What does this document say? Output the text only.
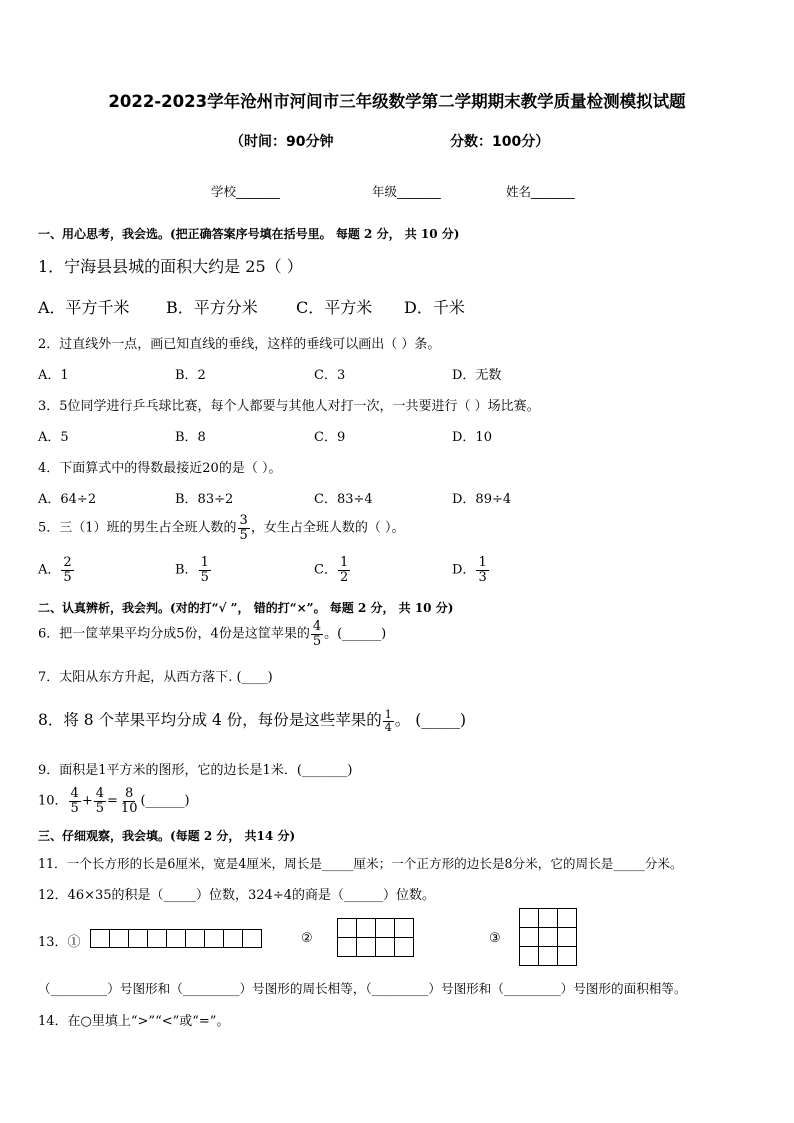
2022-2023学年沧州市河间市三年级数学第二学期期末教学质量检测模拟试题
（时间：90分钟	分数：100分）
学校_______	年级_______	姓名_______
一、用心思考，我会选。(把正确答案序号填在括号里。 每题 2 分， 共 10 分)
1．宁海县县城的面积大约是 25（ ）
A．平方千米 B．平方分米 C．平方米 D．千米
2．过直线外一点，画已知直线的垂线，这样的垂线可以画出（ ）条。
A．1	B．2	C．3	D．无数
3．5位同学进行乒乓球比赛，每个人都要与其他人对打一次，一共要进行（ ）场比赛。
A．5	B．8	C．9	D．10
4．下面算式中的得数最接近20的是（ ）。
A．64÷2	B．83÷2	C．83÷4	D．89÷4
5．三（1）班的男生占全班人数的 $\frac{3}{5}$ ，女生占全班人数的（ ）。
A． $\frac{2}{5}$	B． $\frac{1}{5}$	C． $\frac{1}{2}$	D． $\frac{1}{3}$
二、认真辨析，我会判。(对的打“√ ”， 错的打“×”。 每题 2 分， 共 10 分)
6．把一筐苹果平均分成5份，4份是这筐苹果的 $\frac{4}{5}$ 。(______)
7．太阳从东方升起，从西方落下. (____)
8．将 8 个苹果平均分成 4 份，每份是这些苹果的 $\frac{1}{4}$ 。 (_____)
9．面积是1平方米的图形，它的边长是1米．(_______)
10． $\frac{4}{5} + \frac{4}{5} = \frac{8}{10}$ (______)
三、仔细观察，我会填。(每题 2 分， 共14 分)
11．一个长方形的长是6厘米，宽是4厘米，周长是_____厘米；一个正方形的边长是8分米，它的周长是_____分米。
12．46×35的积是（_____）位数，324÷4的商是（______）位数。
13．①
									②

				③

（_________）号图形和（_________）号图形的周长相等，（_________）号图形和（_________）号图形的面积相等。
14．在○里填上“>”“<”或“=”。
